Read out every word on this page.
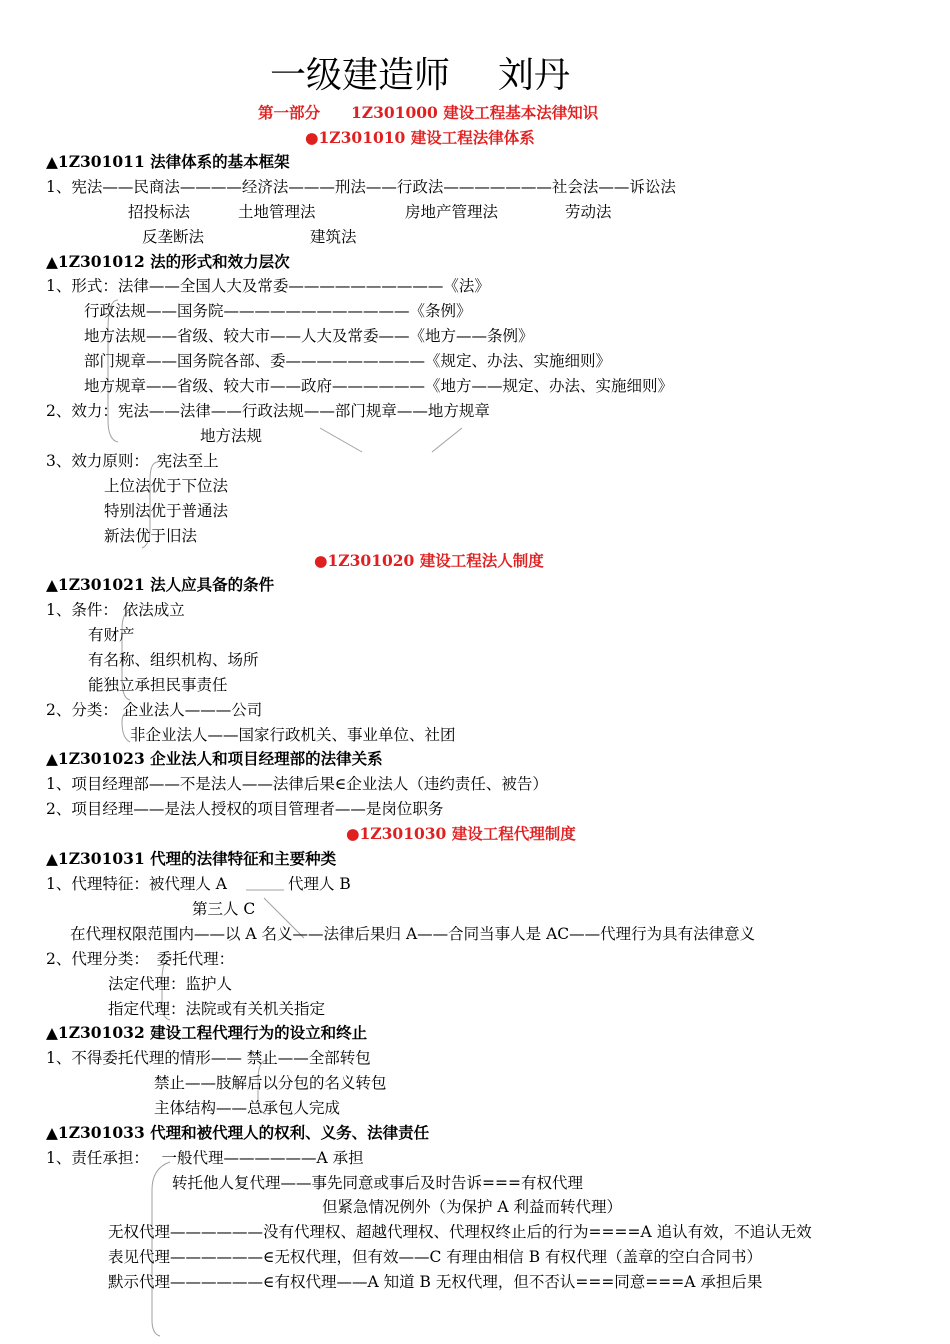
一级建造师 刘丹
第一部分　　1Z301000 建设工程基本法律知识
●1Z301010 建设工程法律体系
▲1Z301011 法律体系的基本框架
1、宪法——民商法————经济法———刑法——行政法———————社会法——诉讼法
招投标法	土地管理法	房地产管理法	劳动法
反垄断法	建筑法
▲1Z301012 法的形式和效力层次
1、形式：法律——全国人大及常委——————————《法》
行政法规——国务院————————————《条例》
地方法规——省级、较大市——人大及常委——《地方——条例》
部门规章——国务院各部、委—————————《规定、办法、实施细则》
地方规章——省级、较大市——政府——————《地方——规定、办法、实施细则》
2、效力：宪法——法律——行政法规——部门规章——地方规章
地方法规
3、效力原则：　宪法至上
上位法优于下位法
特别法优于普通法
新法优于旧法
●1Z301020 建设工程法人制度
▲1Z301021 法人应具备的条件
1、条件： 依法成立
有财产
有名称、组织机构、场所
能独立承担民事责任
2、分类： 企业法人———公司
非企业法人——国家行政机关、事业单位、社团
▲1Z301023 企业法人和项目经理部的法律关系
1、项目经理部——不是法人——法律后果∈企业法人（违约责任、被告）
2、项目经理——是法人授权的项目管理者——是岗位职务
●1Z301030 建设工程代理制度
▲1Z301031 代理的法律特征和主要种类
1、代理特征：被代理人 A	代理人 B
第三人 C
在代理权限范围内——以 A 名义——法律后果归 A——合同当事人是 AC——代理行为具有法律意义
2、代理分类：　委托代理：
法定代理：监护人
指定代理：法院或有关机关指定
▲1Z301032 建设工程代理行为的设立和终止
1、不得委托代理的情形—— 禁止——全部转包
禁止——肢解后以分包的名义转包
主体结构——总承包人完成
▲1Z301033 代理和被代理人的权利、义务、法律责任
1、责任承担：　 一般代理——————A 承担
转托他人复代理——事先同意或事后及时告诉===有权代理
但紧急情况例外（为保护 A 利益而转代理）
无权代理——————没有代理权、超越代理权、代理权终止后的行为====A 追认有效，不追认无效
表见代理——————∈无权代理，但有效——C 有理由相信 B 有权代理（盖章的空白合同书）
默示代理——————∈有权代理——A 知道 B 无权代理，但不否认===同意===A 承担后果
